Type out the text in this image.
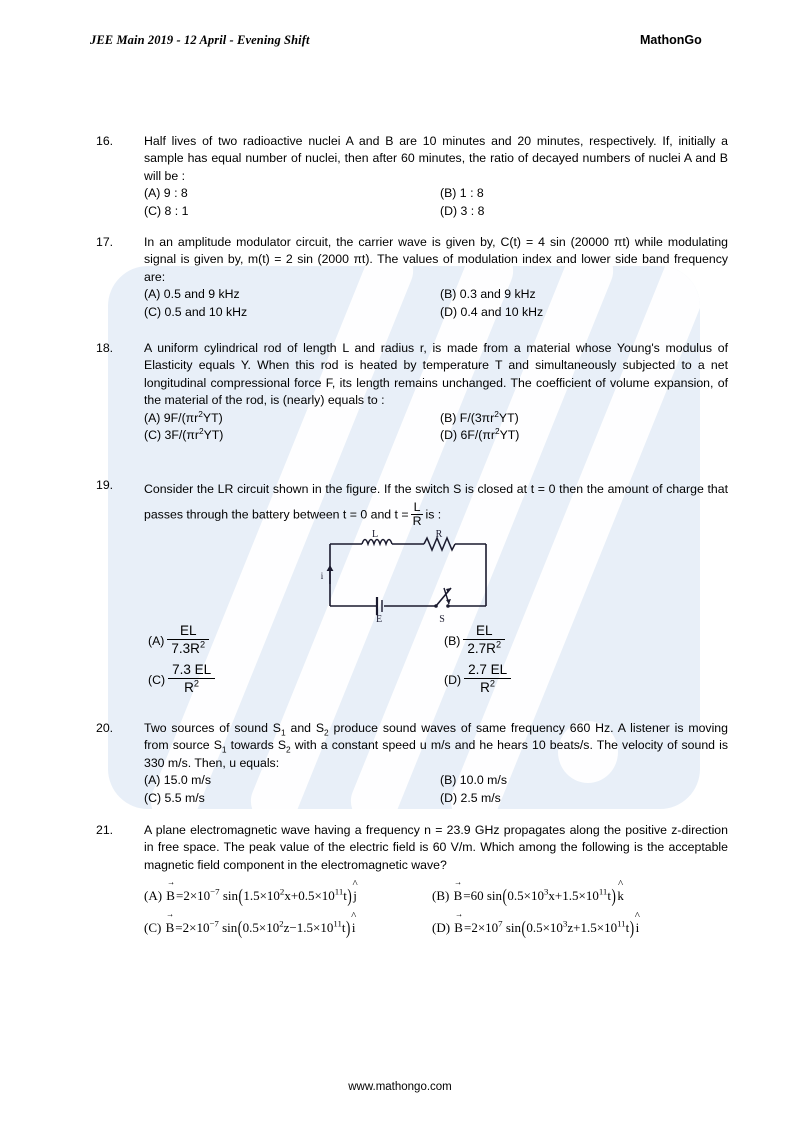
JEE Main 2019 - 12 April - Evening Shift	MathonGo
16.	Half lives of two radioactive nuclei A and B are 10 minutes and 20 minutes, respectively. If, initially a sample has equal number of nuclei, then after 60 minutes, the ratio of decayed numbers of nuclei A and B will be :
(A) 9 : 8	(B) 1 : 8
(C) 8 : 1	(D) 3 : 8
17.	In an amplitude modulator circuit, the carrier wave is given by, C(t) = 4 sin (20000 πt) while modulating signal is given by, m(t) = 2 sin (2000 πt). The values of modulation index and lower side band frequency are:
(A) 0.5 and 9 kHz	(B) 0.3 and 9 kHz
(C) 0.5 and 10 kHz	(D) 0.4 and 10 kHz
18.	A uniform cylindrical rod of length L and radius r, is made from a material whose Young's modulus of Elasticity equals Y. When this rod is heated by temperature T and simultaneously subjected to a net longitudinal compressional force F, its length remains unchanged. The coefficient of volume expansion, of the material of the rod, is (nearly) equals to :
(A) $9F/(\pi r^2YT)$	(B) $F/(3\pi r^2YT)$
(C) $3F/(\pi r^2YT)$	(D) $6F/(\pi r^2YT)$
19.	Consider the LR circuit shown in the figure. If the switch S is closed at t = 0 then the amount of charge that passes through the battery between t = 0 and $t = \frac{L}{R}$ is :
L	R
E	S
i
$(A) \frac{EL}{7.3R^2}$	$(B) \frac{EL}{2.7R^2}$
$(C) \frac{7.3 EL}{R^2}$	$(D) \frac{2.7 EL}{R^2}$
20.	Two sources of sound $S_1$ and $S_2$ produce sound waves of same frequency 660 Hz. A listener is moving from source $S_1$ towards $S_2$ with a constant speed u m/s and he hears 10 beats/s. The velocity of sound is 330 m/s. Then, u equals:
(A) 15.0 m/s	(B) 10.0 m/s
(C) 5.5 m/s	(D) 2.5 m/s
21.	A plane electromagnetic wave having a frequency n = 23.9 GHz propagates along the positive z-direction in free space. The peak value of the electric field is 60 V/m. Which among the following is the acceptable magnetic field component in the electromagnetic wave?
(A) $B \to=2\times 10^{-7}$ $\sin(1.5\times 10^2x+0.5\times 10^{11}t)$ j ^	(B) B →=60 $\sin(0.5\times 10^3x+1.5\times 10^{11}t)$ k ^
(C) $B \to=2\times 10^{-7}$ $\sin(0.5\times 10^2z-1.5\times 10^{11}t)$ i ^	(D) $B \to=2\times 10^7$ $\sin(0.5\times 10^3z+1.5\times 10^{11}t)$ i ^
www.mathongo.com
